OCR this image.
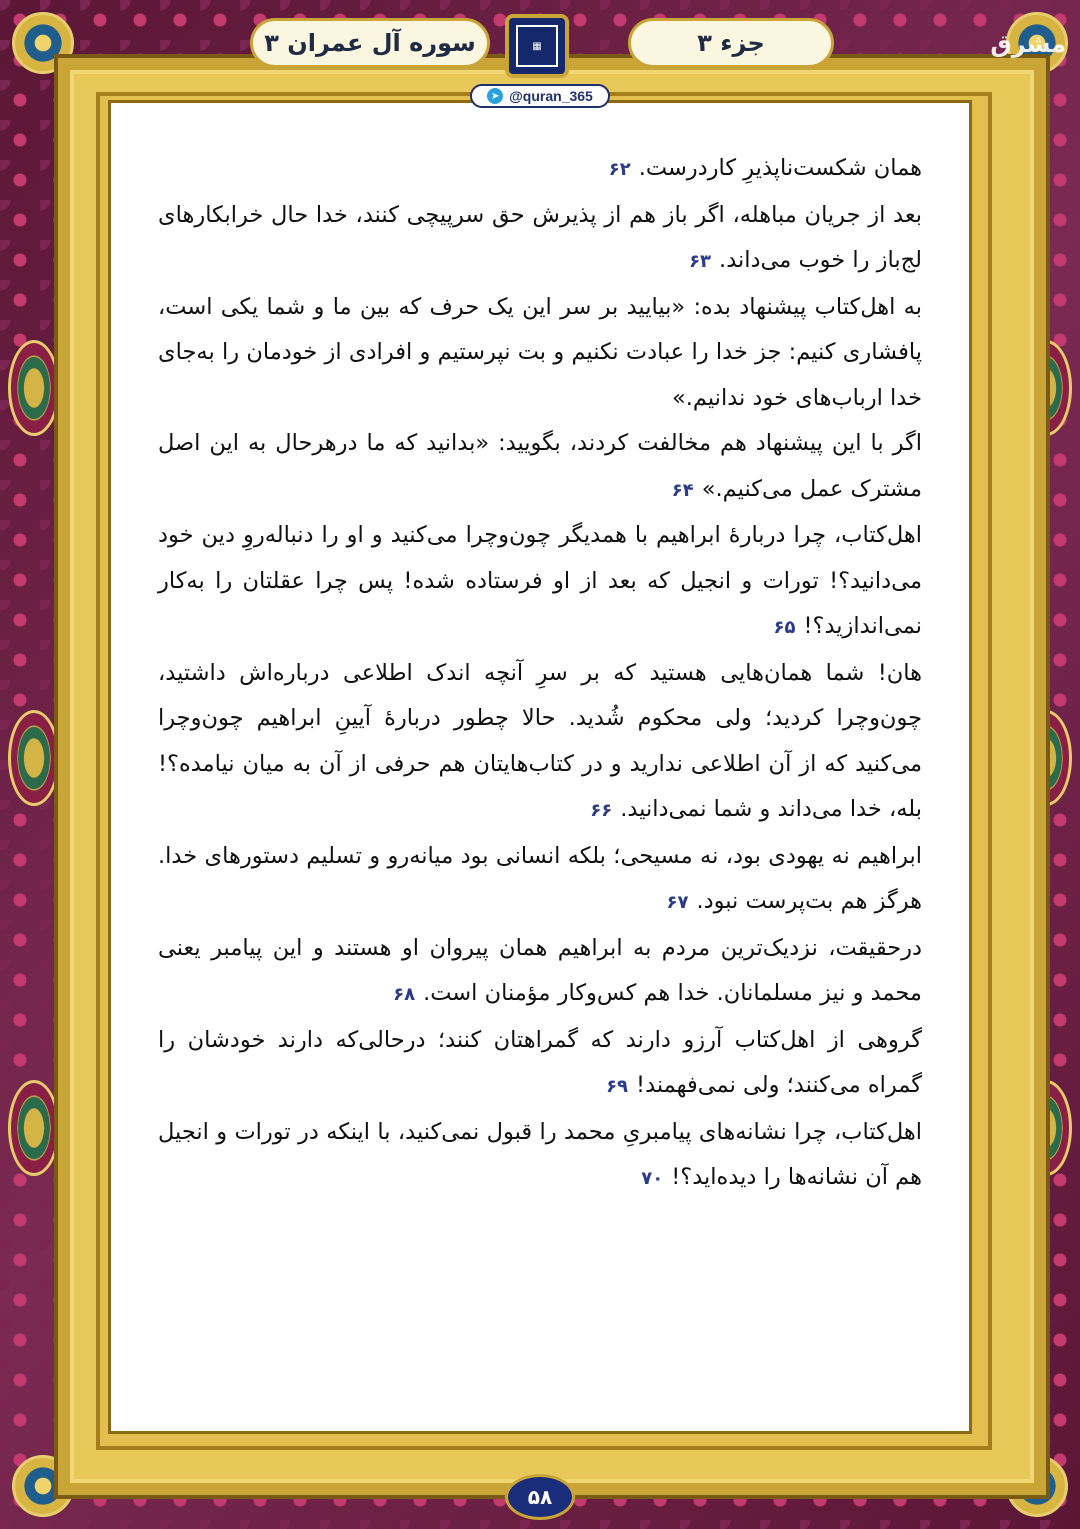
جزء ۳
▦
سوره آل عمران ۳
➤ @quran_365
مشرق

همان شکست‌ناپذیرِ کاردرست.۶۲

بعد از جریان مباهله، اگر باز هم از پذیرش حق سرپیچی کنند، خدا حال خرابکارهای لج‌باز را خوب می‌داند.۶۳

به اهل‌کتاب پیشنهاد بده: «بیایید بر سر این یک حرف که بین ما و شما یکی است، پافشاری کنیم: جز خدا را عبادت نکنیم و بت نپرستیم و افرادی از خودمان را به‌جای خدا ارباب‌های خود ندانیم.»

اگر با این پیشنهاد هم مخالفت کردند، بگویید: «بدانید که ما درهرحال به این اصل مشترک عمل می‌کنیم.»۶۴

اهل‌کتاب، چرا دربارهٔ ابراهیم با همدیگر چون‌وچرا می‌کنید و او را دنباله‌روِ دین خود می‌دانید؟! تورات و انجیل که بعد از او فرستاده شده! پس چرا عقلتان را به‌کار نمی‌اندازید؟!۶۵

هان! شما همان‌هایی هستید که بر سرِ آنچه اندک اطلاعی درباره‌اش داشتید، چون‌وچرا کردید؛ ولی محکوم شُدید. حالا چطور دربارهٔ آیینِ ابراهیم چون‌وچرا می‌کنید که از آن اطلاعی ندارید و در کتاب‌هایتان هم حرفی از آن به میان نیامده؟! بله، خدا می‌داند و شما نمی‌دانید.۶۶

ابراهیم نه یهودی بود، نه مسیحی؛ بلکه انسانی بود میانه‌رو و تسلیم دستورهای خدا. هرگز هم بت‌پرست نبود.۶۷

درحقیقت، نزدیک‌ترین مردم به ابراهیم همان پیروان او هستند و این پیامبر یعنی محمد و نیز مسلمانان. خدا هم کس‌وکار مؤمنان است.۶۸

گروهی از اهل‌کتاب آرزو دارند که گمراهتان کنند؛ درحالی‌که دارند خودشان را گمراه می‌کنند؛ ولی نمی‌فهمند!۶۹

اهل‌کتاب، چرا نشانه‌های پیامبریِ محمد را قبول نمی‌کنید، با اینکه در تورات و انجیل هم آن نشانه‌ها را دیده‌اید؟!۷۰

۵۸
